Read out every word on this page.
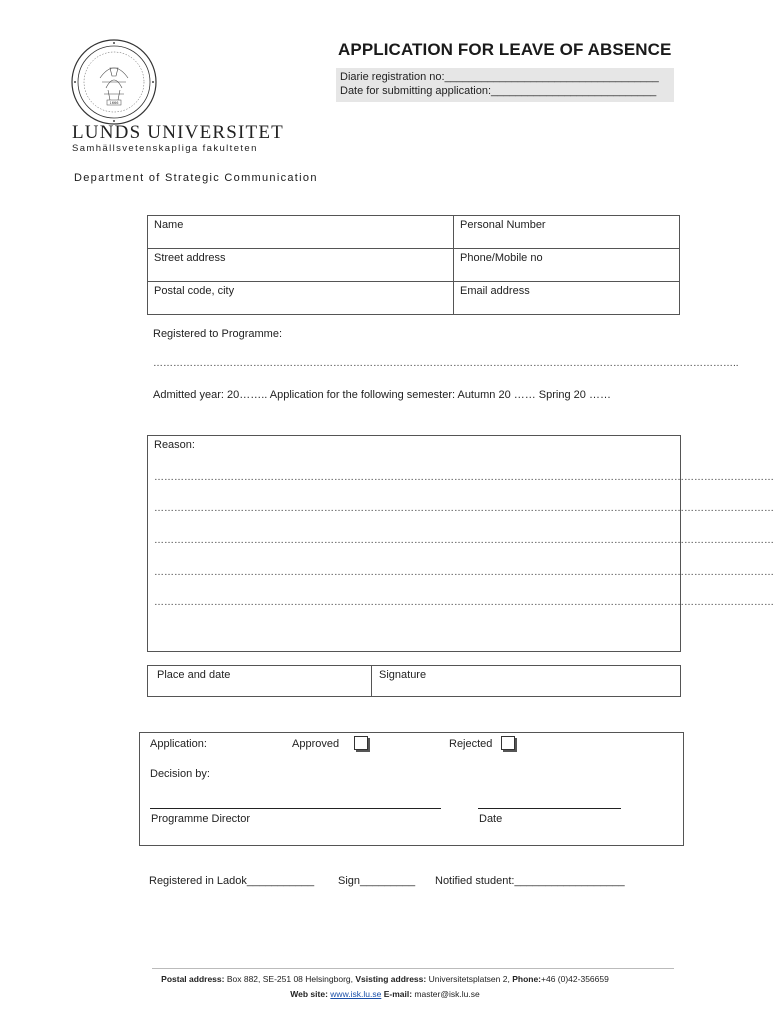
1666
APPLICATION FOR LEAVE OF ABSENCE
Diarie registration no:___________________________________
Date for submitting application:___________________________
LUNDS UNIVERSITET
Samhällsvetenskapliga fakulteten
Department of Strategic Communication
Name	Personal Number
Street address	Phone/Mobile no
Postal code, city	Email address
Registered to Programme:
…………………………………………………………………………………………………………………………………………………………..
Admitted year: 20…….. Application for the following semester: Autumn 20 …… Spring 20 ……
Reason:
……………………………………………………………………………………………………………………………………………………………………
……………………………………………………………………………………………………………………………………………………………………
……………………………………………………………………………………………………………………………………………………………………
……………………………………………………………………………………………………………………………………………………………………
……………………………………………………………………………………………………………………………………………………………………
Place and date	Signature
Application:	Approved	Rejected
Decision by:
Programme Director	Date
Registered in Ladok___________ Sign_________ Notified student:__________________
Postal address: Box 882, SE-251 08 Helsingborg, Vsisting address: Universitetsplatsen 2, Phone:+46 (0)42-356659
Web site: www.isk.lu.se E-mail: master@isk.lu.se
